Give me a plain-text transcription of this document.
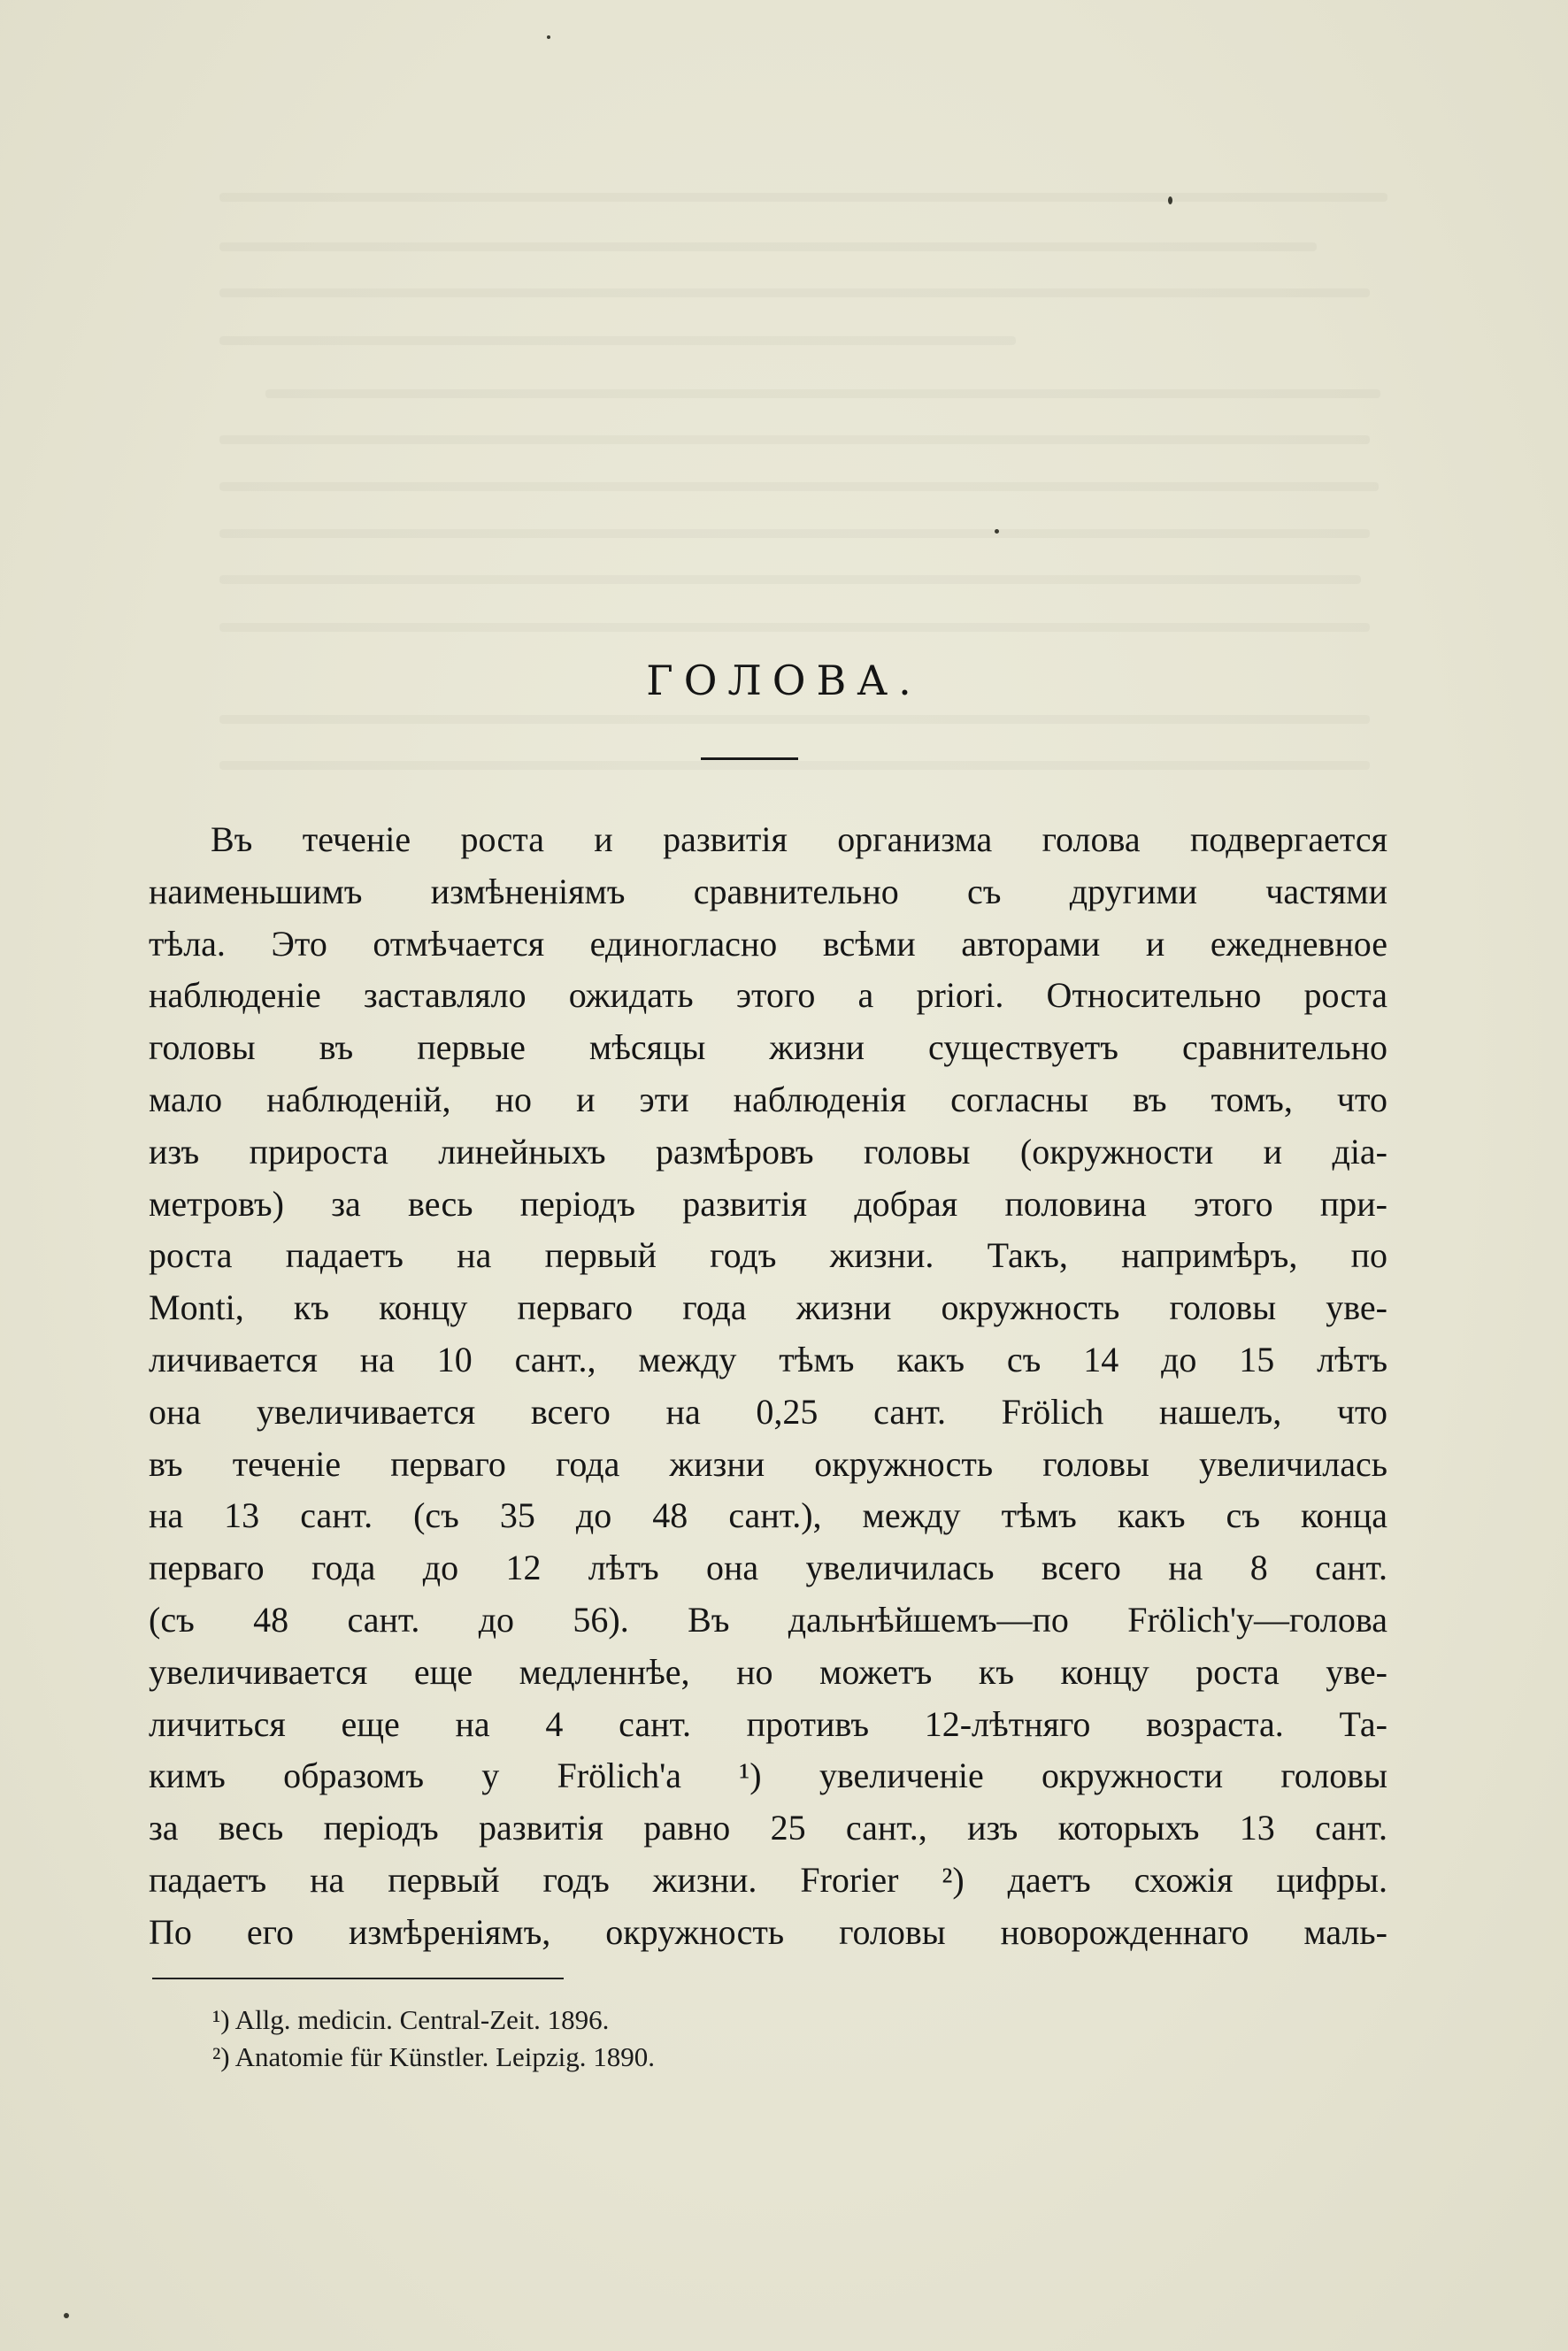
ГОЛОВА.
Въ теченіе роста и развитія организма голова подвергается
наименьшимъ измѣненіямъ сравнительно съ другими частями
тѣла. Это отмѣчается единогласно всѣми авторами и ежедневное
наблюденіе заставляло ожидать этого a priori. Относительно роста
головы въ первые мѣсяцы жизни существуетъ сравнительно
мало наблюденій, но и эти наблюденія согласны въ томъ, что
изъ прироста линейныхъ размѣровъ головы (окружности и діа-
метровъ) за весь періодъ развитія добрая половина этого при-
роста падаетъ на первый годъ жизни. Такъ, напримѣръ, по
Monti, къ концу перваго года жизни окружность головы уве-
личивается на 10 сант., между тѣмъ какъ съ 14 до 15 лѣтъ
она увеличивается всего на 0,25 сант. Frölich нашелъ, что
въ теченіе перваго года жизни окружность головы увеличилась
на 13 сант. (съ 35 до 48 сант.), между тѣмъ какъ съ конца
перваго года до 12 лѣтъ она увеличилась всего на 8 сант.
(съ 48 сант. до 56). Въ дальнѣйшемъ—по Frölich'у—голова
увеличивается еще медленнѣе, но можетъ къ концу роста уве-
личиться еще на 4 сант. противъ 12-лѣтняго возраста. Та-
кимъ образомъ у Frölich'а ¹) увеличеніе окружности головы
за весь періодъ развитія равно 25 сант., изъ которыхъ 13 сант.
падаетъ на первый годъ жизни. Frorier ²) даетъ схожія цифры.
По его измѣреніямъ, окружность головы новорожденнаго маль-
¹) Allg. medicin. Central-Zeit. 1896.
²) Anatomie für Künstler. Leipzig. 1890.
